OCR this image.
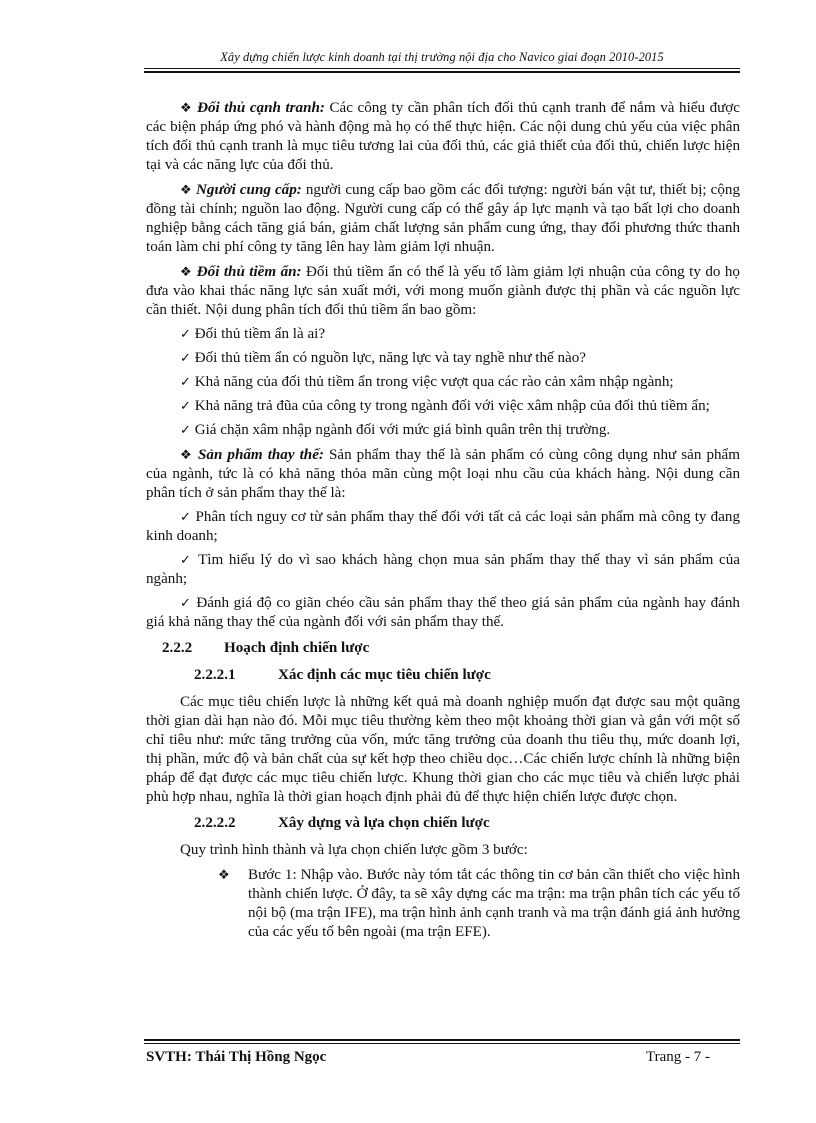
Xây dựng chiến lược kinh doanh tại thị trường nội địa cho Navico giai đoạn 2010-2015

❖ Đối thủ cạnh tranh: Các công ty cần phân tích đối thủ cạnh tranh để nắm và hiểu được các biện pháp ứng phó và hành động mà họ có thể thực hiện. Các nội dung chủ yếu của việc phân tích đối thủ cạnh tranh là mục tiêu tương lai của đối thủ, các giả thiết của đối thủ, chiến lược hiện tại và các năng lực của đối thủ.

❖ Người cung cấp: người cung cấp bao gồm các đối tượng: người bán vật tư, thiết bị; cộng đồng tài chính; nguồn lao động. Người cung cấp có thể gây áp lực mạnh và tạo bất lợi cho doanh nghiệp bằng cách tăng giá bán, giảm chất lượng sản phẩm cung ứng, thay đổi phương thức thanh toán làm chi phí công ty tăng lên hay làm giảm lợi nhuận.

❖ Đối thủ tiềm ẩn: Đối thủ tiềm ẩn có thể là yếu tố làm giảm lợi nhuận của công ty do họ đưa vào khai thác năng lực sản xuất mới, với mong muốn giành được thị phần và các nguồn lực cần thiết. Nội dung phân tích đối thủ tiềm ẩn bao gồm:

✓ Đối thủ tiềm ẩn là ai?

✓ Đối thủ tiềm ẩn có nguồn lực, năng lực và tay nghề như thế nào?

✓ Khả năng của đối thủ tiềm ẩn trong việc vượt qua các rào cản xâm nhập ngành;

✓ Khả năng trả đũa của công ty trong ngành đối với việc xâm nhập của đối thủ tiềm ẩn;

✓ Giá chặn xâm nhập ngành đối với mức giá bình quân trên thị trường.

❖ Sản phẩm thay thế: Sản phẩm thay thế là sản phẩm có cùng công dụng như sản phẩm của ngành, tức là có khả năng thỏa mãn cùng một loại nhu cầu của khách hàng. Nội dung cần phân tích ở sản phẩm thay thế là:

✓ Phân tích nguy cơ từ sản phẩm thay thế đối với tất cả các loại sản phẩm mà công ty đang kinh doanh;

✓ Tìm hiểu lý do vì sao khách hàng chọn mua sản phẩm thay thế thay vì sản phẩm của ngành;

✓ Đánh giá độ co giãn chéo cầu sản phẩm thay thế theo giá sản phẩm của ngành hay đánh giá khả năng thay thế của ngành đối với sản phẩm thay thế.

2.2.2 Hoạch định chiến lược
2.2.2.1	Xác định các mục tiêu chiến lược

Các mục tiêu chiến lược là những kết quả mà doanh nghiệp muốn đạt được sau một quãng thời gian dài hạn nào đó. Mỗi mục tiêu thường kèm theo một khoảng thời gian và gắn với một số chỉ tiêu như: mức tăng trưởng của vốn, mức tăng trưởng của doanh thu tiêu thụ, mức doanh lợi, thị phần, mức độ và bản chất của sự kết hợp theo chiều dọc…Các chiến lược chính là những biện pháp để đạt được các mục tiêu chiến lược. Khung thời gian cho các mục tiêu và chiến lược phải phù hợp nhau, nghĩa là thời gian hoạch định phải đủ để thực hiện chiến lược được chọn.

2.2.2.2	Xây dựng và lựa chọn chiến lược

Quy trình hình thành và lựa chọn chiến lược gồm 3 bước:

❖ Bước 1: Nhập vào. Bước này tóm tắt các thông tin cơ bản cần thiết cho việc hình thành chiến lược. Ở đây, ta sẽ xây dựng các ma trận: ma trận phân tích các yếu tố nội bộ (ma trận IFE), ma trận hình ảnh cạnh tranh và ma trận đánh giá ảnh hưởng của các yếu tố bên ngoài (ma trận EFE).

SVTH: Thái Thị Hồng Ngọc	Trang - 7 -
